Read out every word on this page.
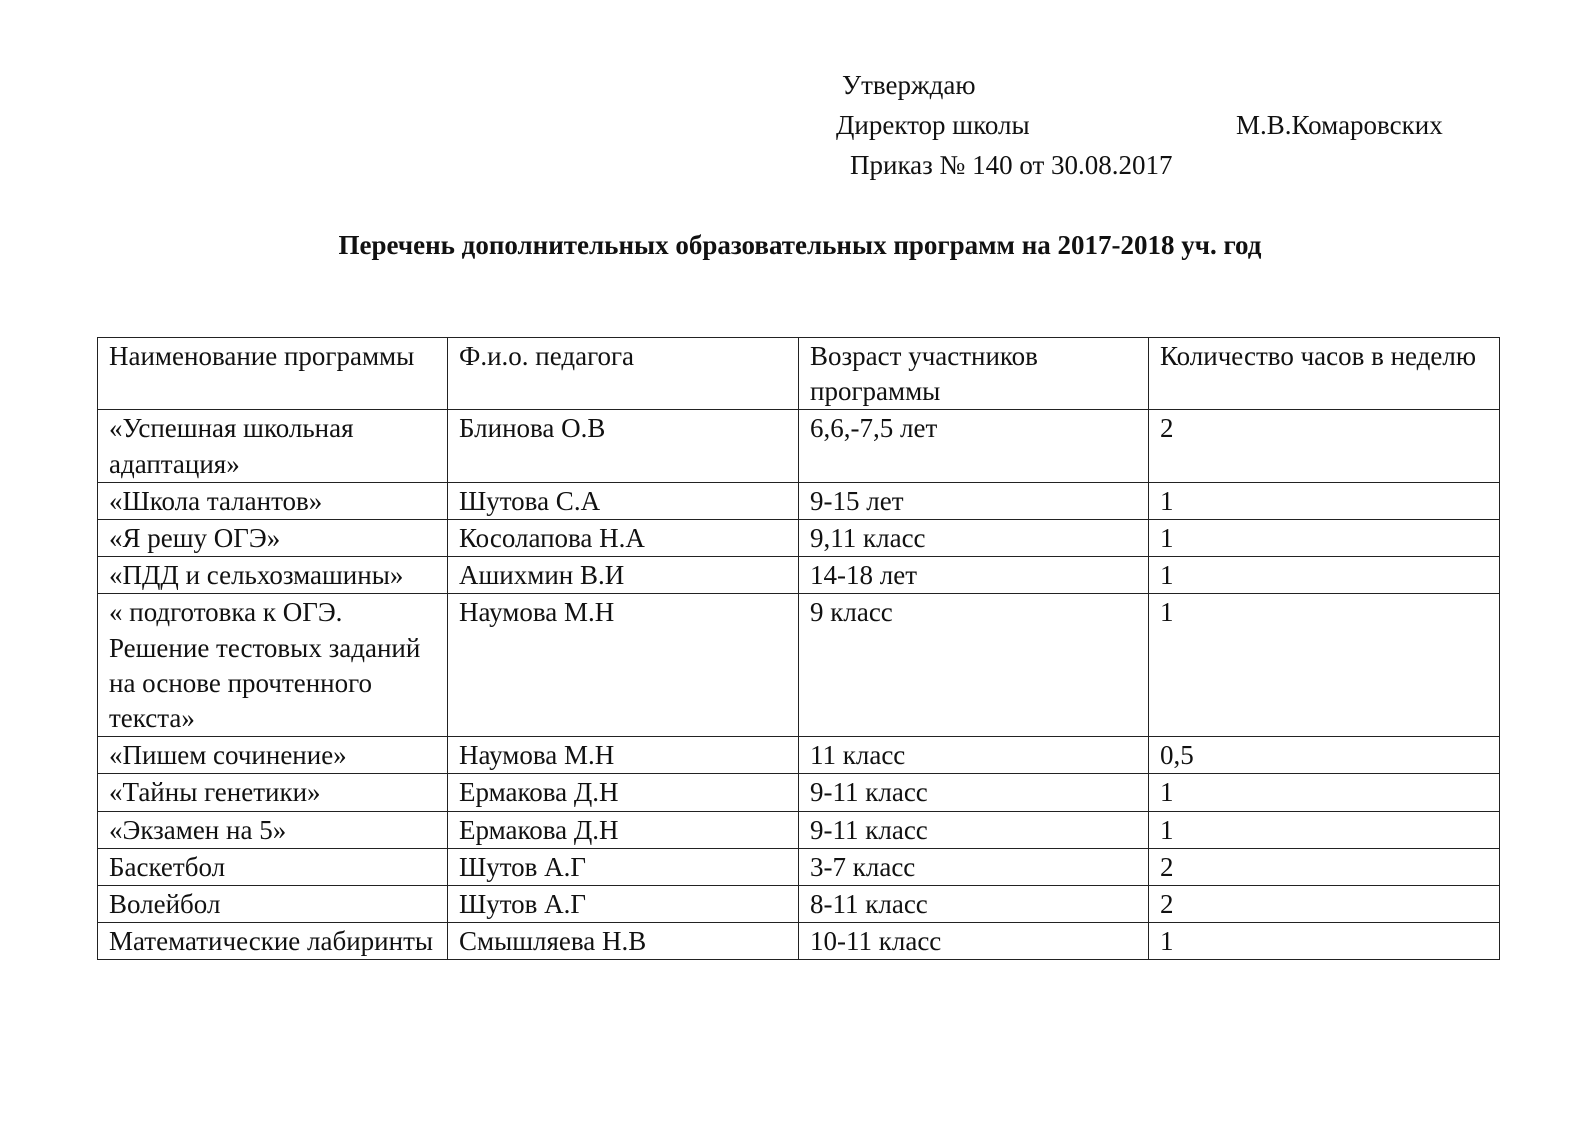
Утверждаю
Директор школы	М.В.Комаровских
Приказ № 140 от 30.08.2017
Перечень дополнительных образовательных программ на 2017-2018 уч. год
Наименование программы	Ф.и.о. педагога	Возраст участников программы	Количество часов в неделю
«Успешная школьная адаптация»	Блинова О.В	6,6,-7,5 лет	2
«Школа талантов»	Шутова С.А	9-15 лет	1
«Я решу ОГЭ»	Косолапова Н.А	9,11 класс	1
«ПДД и сельхозмашины»	Ашихмин В.И	14-18 лет	1
« подготовка к ОГЭ. Решение тестовых заданий на основе прочтенного текста»	Наумова М.Н	9 класс	1
«Пишем сочинение»	Наумова М.Н	11 класс	0,5
«Тайны генетики»	Ермакова Д.Н	9-11 класс	1
«Экзамен на 5»	Ермакова Д.Н	9-11 класс	1
Баскетбол	Шутов А.Г	3-7 класс	2
Волейбол	Шутов А.Г	8-11 класс	2
Математические лабиринты	Смышляева Н.В	10-11 класс	1
